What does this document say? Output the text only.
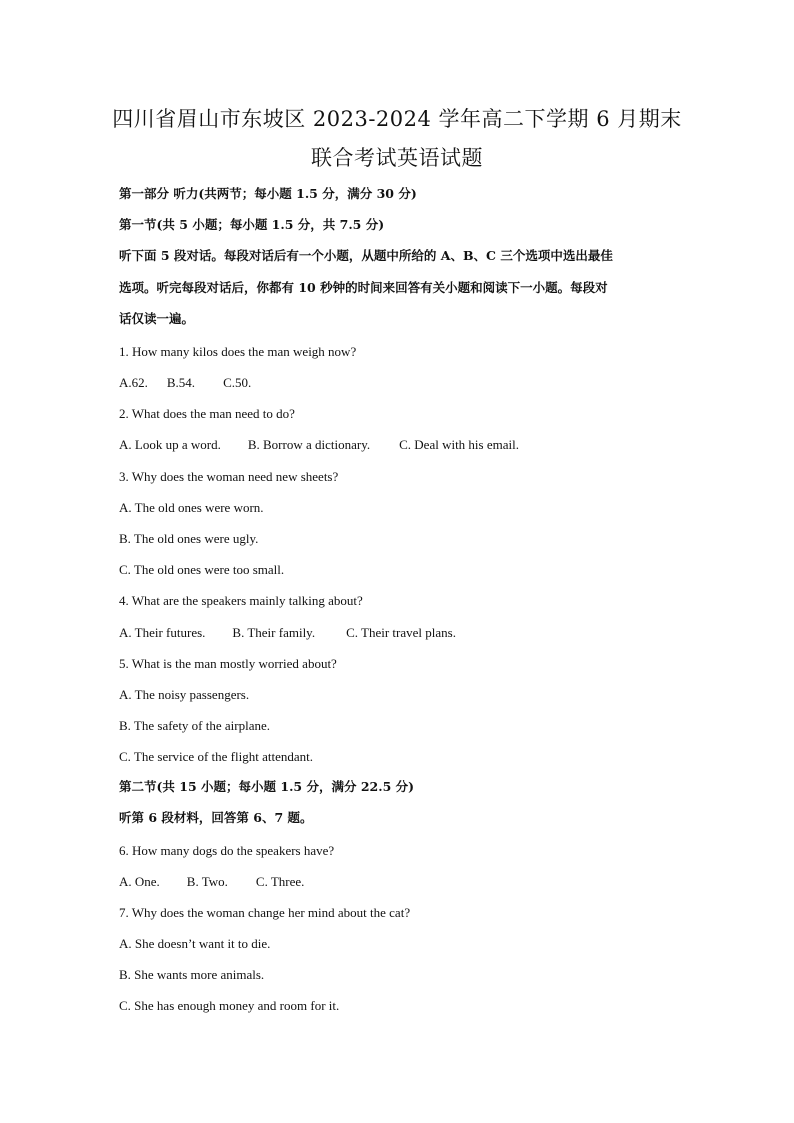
四川省眉山市东坡区 2023-2024 学年高二下学期 6 月期末
联合考试英语试题
第一部分 听力(共两节；每小题 1.5 分，满分 30 分)
第一节(共 5 小题；每小题 1.5 分，共 7.5 分)
听下面 5 段对话。每段对话后有一个小题，从题中所给的 A、B、C 三个选项中选出最佳
选项。听完每段对话后，你都有 10 秒钟的时间来回答有关小题和阅读下一小题。每段对
话仅读一遍。
1. How many kilos does the man weigh now?
A.62. B.54. C.50.
2. What does the man need to do?
A. Look up a word. B. Borrow a dictionary. C. Deal with his email.
3. Why does the woman need new sheets?
A. The old ones were worn.
B. The old ones were ugly.
C. The old ones were too small.
4. What are the speakers mainly talking about?
A. Their futures. B. Their family. C. Their travel plans.
5. What is the man mostly worried about?
A. The noisy passengers.
B. The safety of the airplane.
C. The service of the flight attendant.
第二节(共 15 小题；每小题 1.5 分，满分 22.5 分)
听第 6 段材料，回答第 6、7 题。
6. How many dogs do the speakers have?
A. One. B. Two. C. Three.
7. Why does the woman change her mind about the cat?
A. She doesn’t want it to die.
B. She wants more animals.
C. She has enough money and room for it.
